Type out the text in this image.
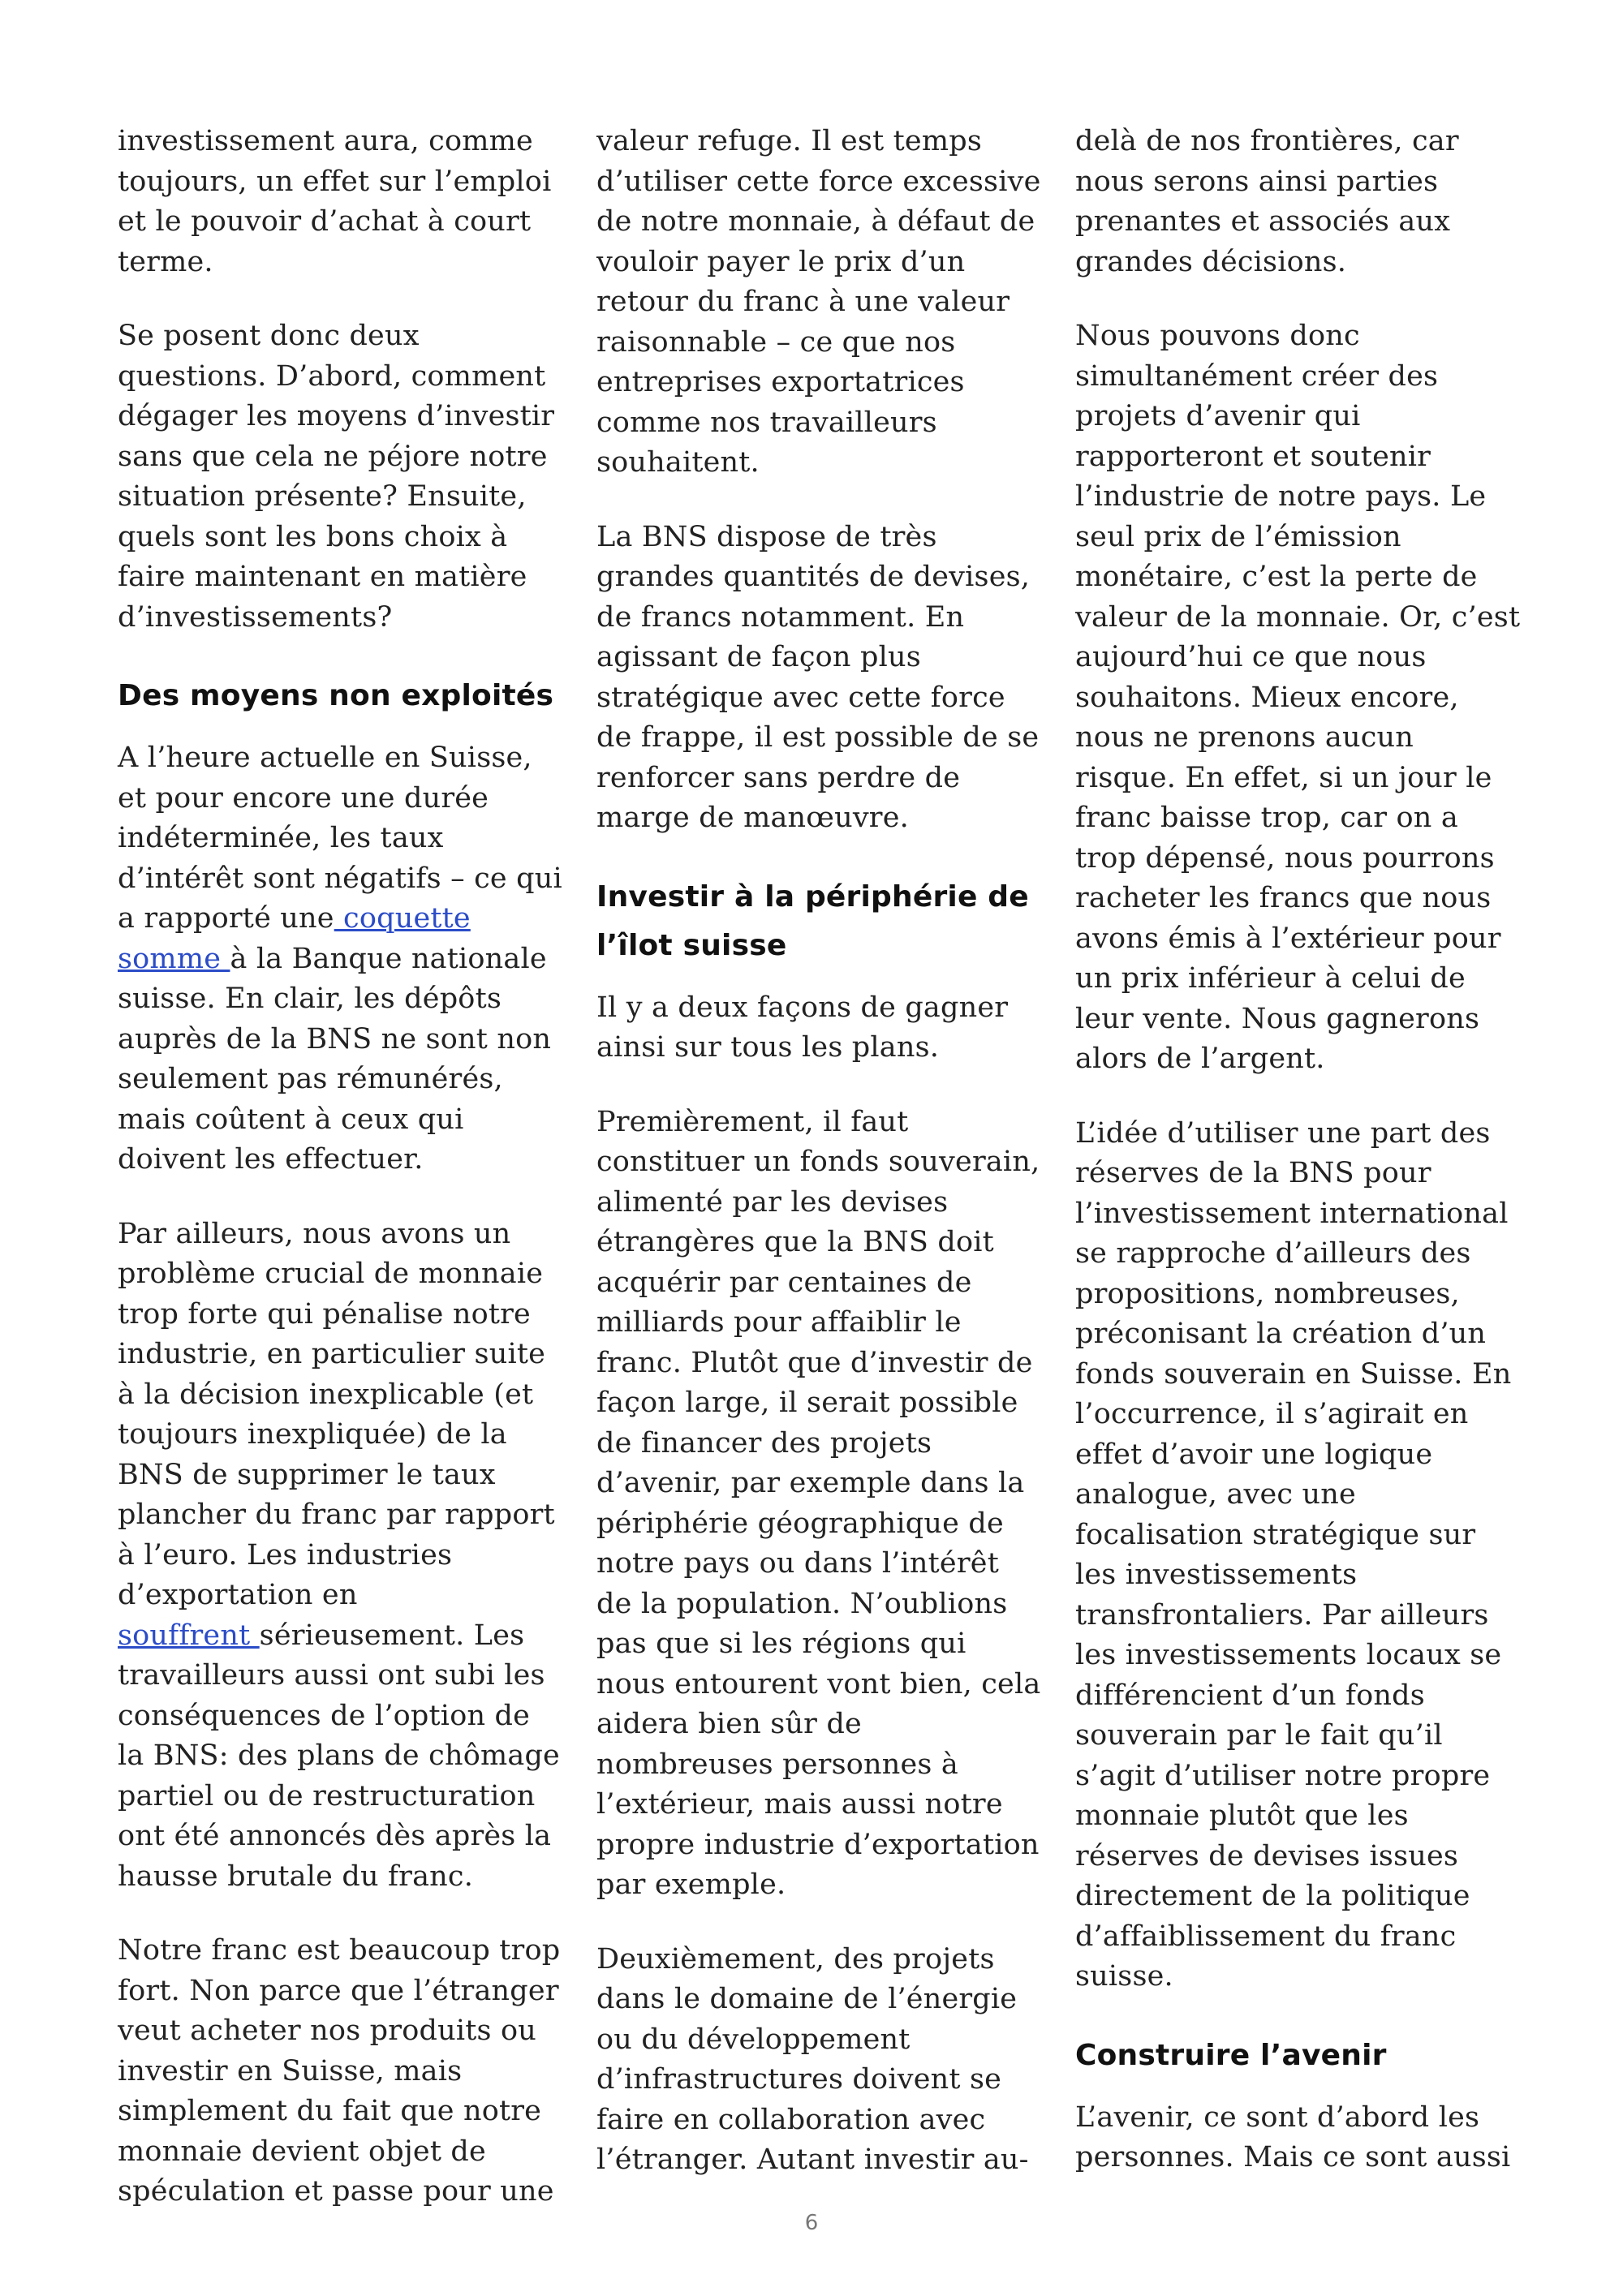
investissement aura, comme toujours, un effet sur l’emploi et le pouvoir d’achat à court terme.

Se posent donc deux questions. D’abord, comment dégager les moyens d’investir sans que cela ne péjore notre situation présente? Ensuite, quels sont les bons choix à faire maintenant en matière d’investissements?

Des moyens non exploités

A l’heure actuelle en Suisse, et pour encore une durée indéterminée, les taux d’intérêt sont négatifs – ce qui a rapporté une coquette somme à la Banque nationale suisse. En clair, les dépôts auprès de la BNS ne sont non seulement pas rémunérés, mais coûtent à ceux qui doivent les effectuer.

Par ailleurs, nous avons un problème crucial de monnaie trop forte qui pénalise notre industrie, en particulier suite à la décision inexplicable (et toujours inexpliquée) de la BNS de supprimer le taux plancher du franc par rapport à l’euro. Les industries d’exportation en
souffrent sérieusement. Les travailleurs aussi ont subi les conséquences de l’option de la BNS: des plans de chômage partiel ou de restructuration ont été annoncés dès après la hausse brutale du franc.

Notre franc est beaucoup trop fort. Non parce que l’étranger veut acheter nos produits ou investir en Suisse, mais simplement du fait que notre monnaie devient objet de spéculation et passe pour une

valeur refuge. Il est temps d’utiliser cette force excessive de notre monnaie, à défaut de vouloir payer le prix d’un retour du franc à une valeur raisonnable – ce que nos entreprises exportatrices comme nos travailleurs souhaitent.

La BNS dispose de très grandes quantités de devises, de francs notamment. En agissant de façon plus stratégique avec cette force de frappe, il est possible de se renforcer sans perdre de marge de manœuvre.

Investir à la périphérie de l’îlot suisse

Il y a deux façons de gagner ainsi sur tous les plans.

Premièrement, il faut constituer un fonds souverain, alimenté par les devises étrangères que la BNS doit acquérir par centaines de milliards pour affaiblir le franc. Plutôt que d’investir de façon large, il serait possible de financer des projets d’avenir, par exemple dans la périphérie géographique de notre pays ou dans l’intérêt de la population. N’oublions pas que si les régions qui nous entourent vont bien, cela aidera bien sûr de nombreuses personnes à l’extérieur, mais aussi notre propre industrie d’exportation par exemple.

Deuxièmement, des projets dans le domaine de l’énergie ou du développement d’infrastructures doivent se faire en collaboration avec l’étranger. Autant investir au-

delà de nos frontières, car nous serons ainsi parties prenantes et associés aux grandes décisions.

Nous pouvons donc simultanément créer des projets d’avenir qui rapporteront et soutenir l’industrie de notre pays. Le seul prix de l’émission monétaire, c’est la perte de valeur de la monnaie. Or, c’est aujourd’hui ce que nous souhaitons. Mieux encore, nous ne prenons aucun risque. En effet, si un jour le franc baisse trop, car on a trop dépensé, nous pourrons racheter les francs que nous avons émis à l’extérieur pour un prix inférieur à celui de leur vente. Nous gagnerons alors de l’argent.

L’idée d’utiliser une part des réserves de la BNS pour l’investissement international se rapproche d’ailleurs des propositions, nombreuses, préconisant la création d’un fonds souverain en Suisse. En l’occurrence, il s’agirait en effet d’avoir une logique analogue, avec une focalisation stratégique sur les investissements transfrontaliers. Par ailleurs les investissements locaux se différencient d’un fonds souverain par le fait qu’il s’agit d’utiliser notre propre monnaie plutôt que les réserves de devises issues directement de la politique d’affaiblissement du franc suisse.

Construire l’avenir

L’avenir, ce sont d’abord les personnes. Mais ce sont aussi

6
